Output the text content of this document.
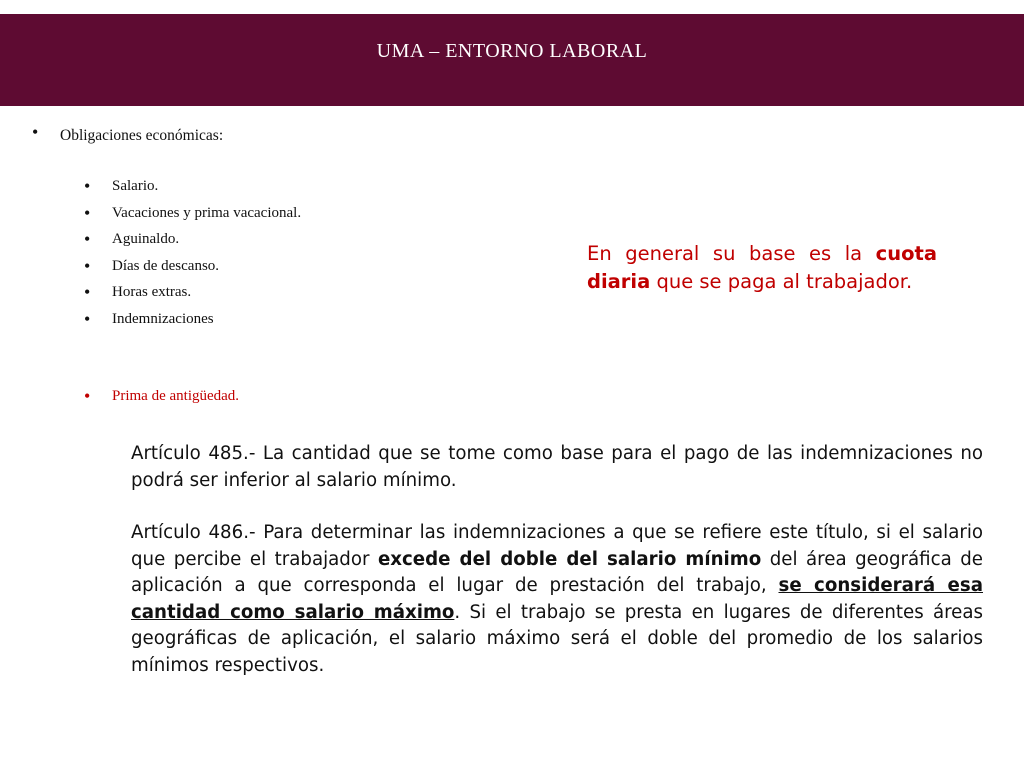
UMA – ENTORNO LABORAL
• Obligaciones económicas:
• Salario.
• Vacaciones y prima vacacional.
• Aguinaldo.
• Días de descanso.
• Horas extras.
• Indemnizaciones
• Prima de antigüedad.
En general su base es la cuota diaria que se paga al trabajador.
Artículo 485.- La cantidad que se tome como base para el pago de las indemnizaciones no podrá ser inferior al salario mínimo.
Artículo 486.- Para determinar las indemnizaciones a que se refiere este título, si el salario que percibe el trabajador excede del doble del salario mínimo del área geográfica de aplicación a que corresponda el lugar de prestación del trabajo, se considerará esa cantidad como salario máximo. Si el trabajo se presta en lugares de diferentes áreas geográficas de aplicación, el salario máximo será el doble del promedio de los salarios mínimos respectivos.
